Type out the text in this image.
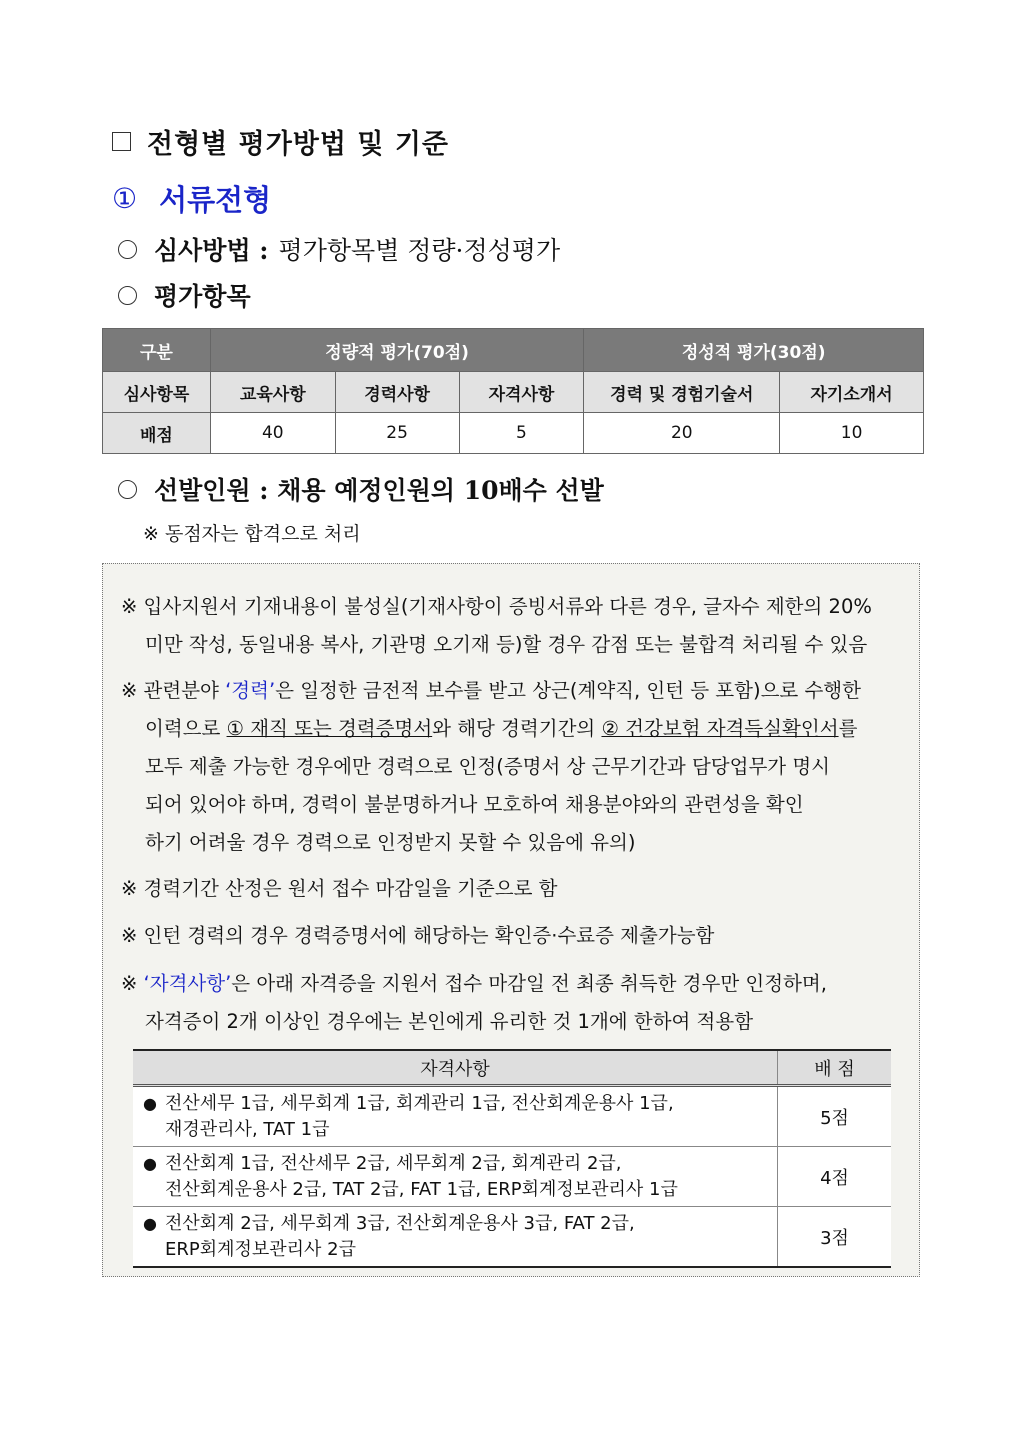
전형별 평가방법 및 기준
① 서류전형
심사방법 : 평가항목별 정량·정성평가
평가항목
구분	정량적 평가(70점)			정성적 평가(30점)	
심사항목	교육사항	경력사항	자격사항	경력 및 경험기술서	자기소개서
배점	40	25	5	20	10
선발인원 : 채용 예정인원의 10배수 선발
※ 동점자는 합격으로 처리
※ 입사지원서 기재내용이 불성실(기재사항이 증빙서류와 다른 경우, 글자수 제한의 20%
미만 작성, 동일내용 복사, 기관명 오기재 등)할 경우 감점 또는 불합격 처리될 수 있음
※ 관련분야 ‘경력’은 일정한 금전적 보수를 받고 상근(계약직, 인턴 등 포함)으로 수행한
이력으로 ① 재직 또는 경력증명서와 해당 경력기간의 ② 건강보험 자격득실확인서를
모두 제출 가능한 경우에만 경력으로 인정(증명서 상 근무기간과 담당업무가 명시
되어 있어야 하며, 경력이 불분명하거나 모호하여 채용분야와의 관련성을 확인
하기 어려울 경우 경력으로 인정받지 못할 수 있음에 유의)
※ 경력기간 산정은 원서 접수 마감일을 기준으로 함
※ 인턴 경력의 경우 경력증명서에 해당하는 확인증·수료증 제출가능함
※ ‘자격사항’은 아래 자격증을 지원서 접수 마감일 전 최종 취득한 경우만 인정하며,
자격증이 2개 이상인 경우에는 본인에게 유리한 것 1개에 한하여 적용함
자격사항	배 점

● 전산세무 1급, 세무회계 1급, 회계관리 1급, 전산회계운용사 1급,
재경관리사, TAT 1급	5점

● 전산회계 1급, 전산세무 2급, 세무회계 2급, 회계관리 2급,
전산회계운용사 2급, TAT 2급, FAT 1급, ERP회계정보관리사 1급	4점

● 전산회계 2급, 세무회계 3급, 전산회계운용사 3급, FAT 2급,
ERP회계정보관리사 2급	3점
